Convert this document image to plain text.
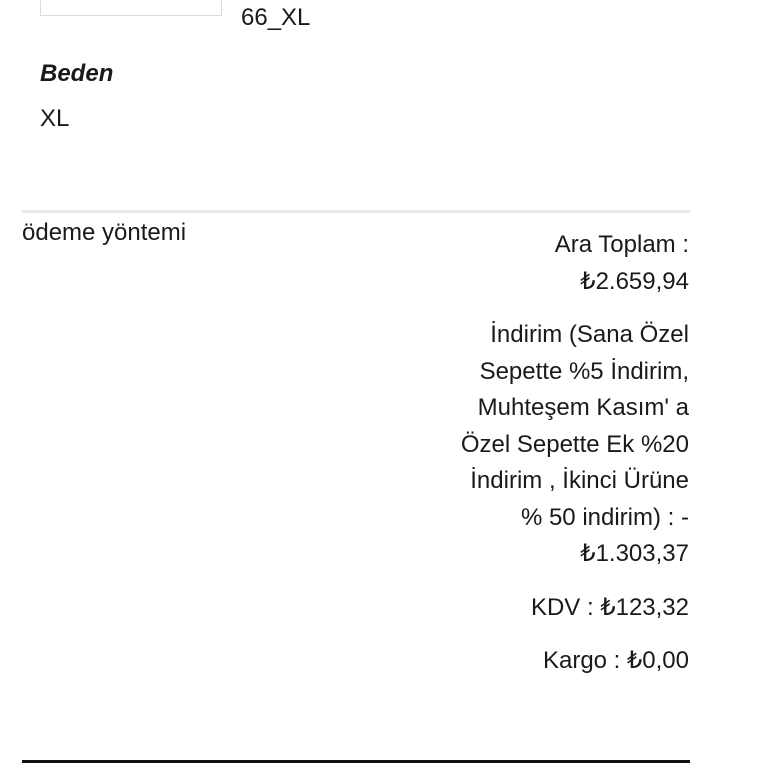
66_XL
Beden
XL
ödeme yöntemi	Ara Toplam : ₺2.659,94
İndirim (Sana Özel Sepette %5 İndirim, Muhteşem Kasım' a Özel Sepette Ek %20 İndirim , İkinci Ürüne % 50 indirim) : -₺1.303,37
KDV : ₺123,32
Kargo : ₺0,00
